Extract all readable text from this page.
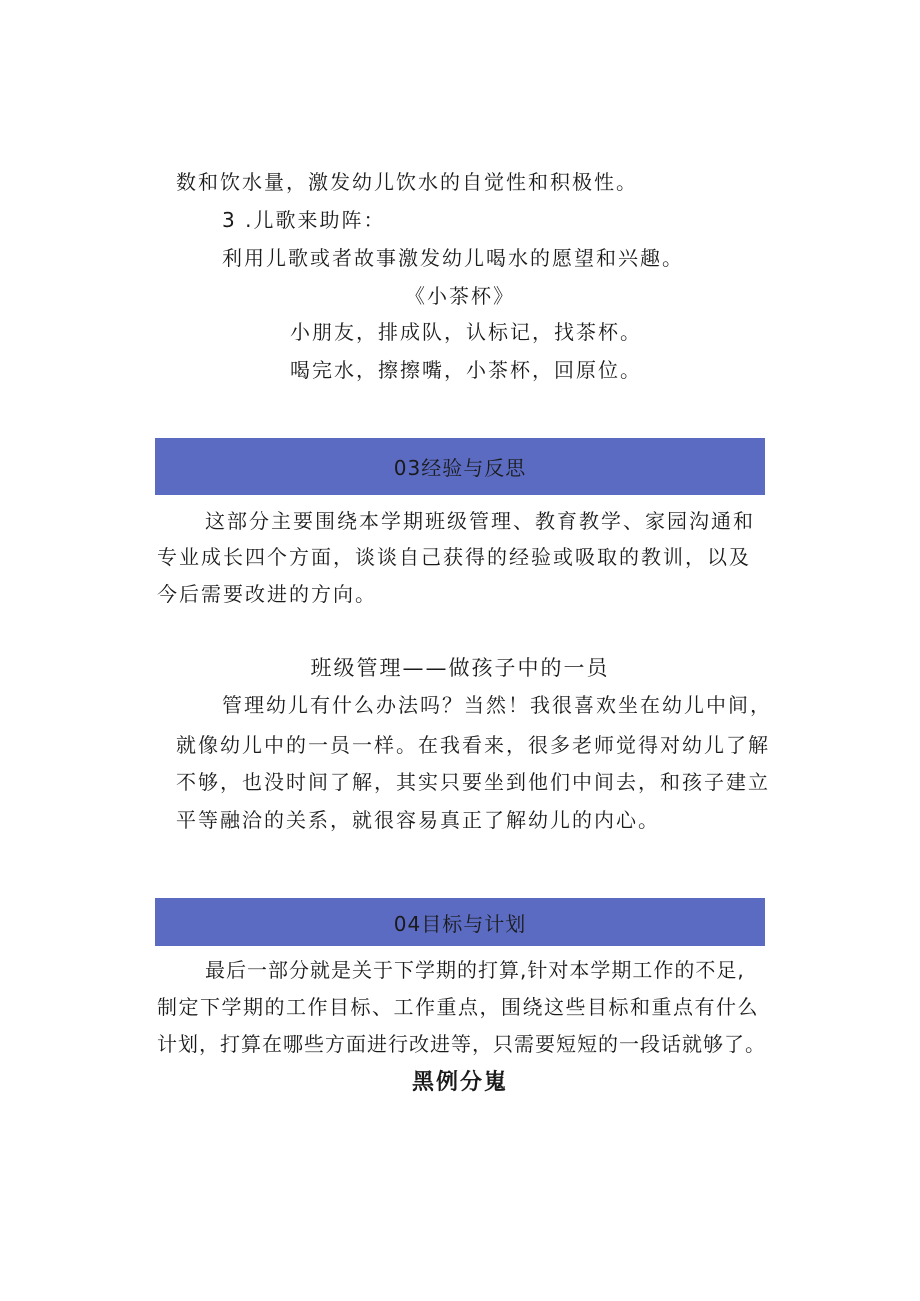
数和饮水量，激发幼儿饮水的自觉性和积极性。
3 .儿歌来助阵：
利用儿歌或者故事激发幼儿喝水的愿望和兴趣。
《小茶杯》
小朋友，排成队，认标记，找茶杯。
喝完水，擦擦嘴，小茶杯，回原位。
03经验与反思
这部分主要围绕本学期班级管理、教育教学、家园沟通和
专业成长四个方面，谈谈自己获得的经验或吸取的教训，以及
今后需要改进的方向。
班级管理——做孩子中的一员
管理幼儿有什么办法吗？当然！我很喜欢坐在幼儿中间，
就像幼儿中的一员一样。在我看来，很多老师觉得对幼儿了解
不够，也没时间了解，其实只要坐到他们中间去，和孩子建立
平等融洽的关系，就很容易真正了解幼儿的内心。
04目标与计划
最后一部分就是关于下学期的打算,针对本学期工作的不足,
制定下学期的工作目标、工作重点，围绕这些目标和重点有什么
计划，打算在哪些方面进行改进等，只需要短短的一段话就够了。
黑例分嵬
